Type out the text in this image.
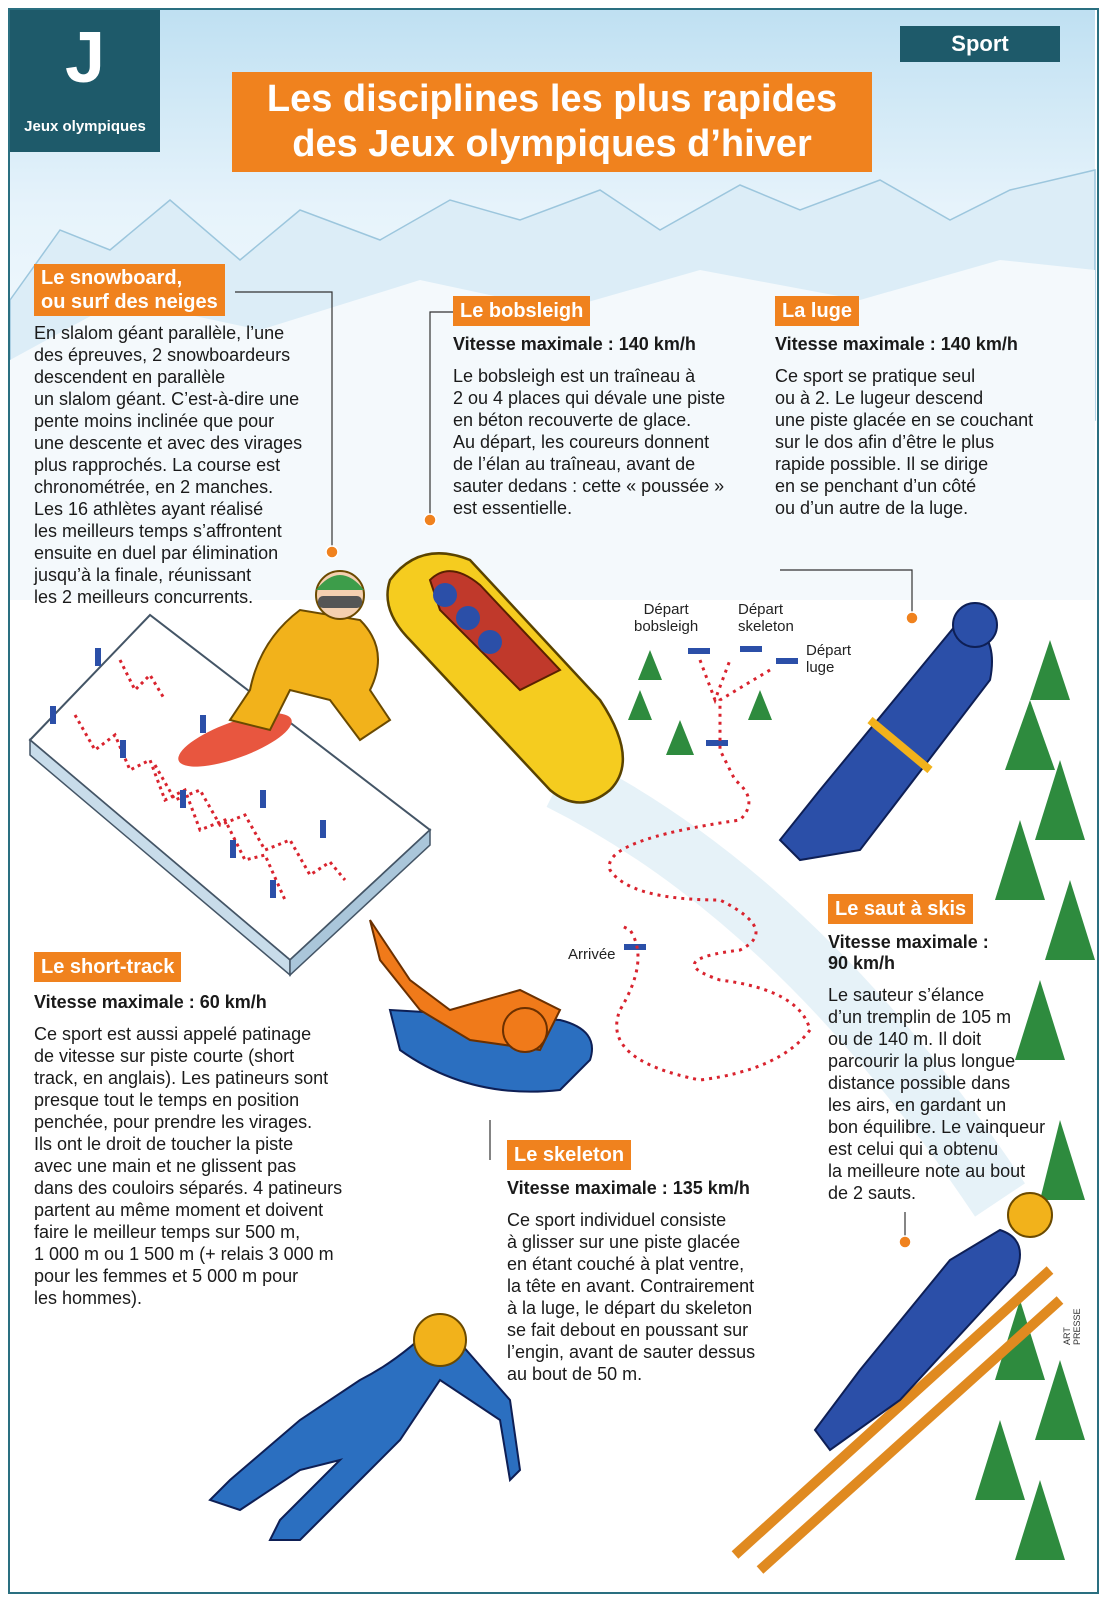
J
Jeux olympiques
Sport
Les disciplines les plus rapides
des Jeux olympiques d’hiver
Le snowboard,
ou surf des neiges
En slalom géant parallèle, l’une
des épreuves, 2 snowboardeurs
descendent en parallèle
un slalom géant. C’est-à-dire une
pente moins inclinée que pour
une descente et avec des virages
plus rapprochés. La course est
chronométrée, en 2 manches.
Les 16 athlètes ayant réalisé
les meilleurs temps s’affrontent
ensuite en duel par élimination
jusqu’à la finale, réunissant
les 2 meilleurs concurrents.
Le bobsleigh
Vitesse maximale : 140 km/h
Le bobsleigh est un traîneau à
2 ou 4 places qui dévale une piste
en béton recouverte de glace.
Au départ, les coureurs donnent
de l’élan au traîneau, avant de
sauter dedans : cette « poussée »
est essentielle.
La luge
Vitesse maximale : 140 km/h
Ce sport se pratique seul
ou à 2. Le lugeur descend
une piste glacée en se couchant
sur le dos afin d’être le plus
rapide possible. Il se dirige
en se penchant d’un côté
ou d’un autre de la luge.
Départ
bobsleigh
Départ
skeleton
Départ
luge
Arrivée
Le short-track
Vitesse maximale : 60 km/h
Ce sport est aussi appelé patinage
de vitesse sur piste courte (short
track, en anglais). Les patineurs sont
presque tout le temps en position
penchée, pour prendre les virages.
Ils ont le droit de toucher la piste
avec une main et ne glissent pas
dans des couloirs séparés. 4 patineurs
partent au même moment et doivent
faire le meilleur temps sur 500 m,
1 000 m ou 1 500 m (+ relais 3 000 m
pour les femmes et 5 000 m pour
les hommes).
Le skeleton
Vitesse maximale : 135 km/h
Ce sport individuel consiste
à glisser sur une piste glacée
en étant couché à plat ventre,
la tête en avant. Contrairement
à la luge, le départ du skeleton
se fait debout en poussant sur
l’engin, avant de sauter dessus
au bout de 50 m.
Le saut à skis
Vitesse maximale :
90 km/h
Le sauteur s’élance
d’un tremplin de 105 m
ou de 140 m. Il doit
parcourir la plus longue
distance possible dans
les airs, en gardant un
bon équilibre. Le vainqueur
est celui qui a obtenu
la meilleure note au bout
de 2 sauts.
ART PRESSE
